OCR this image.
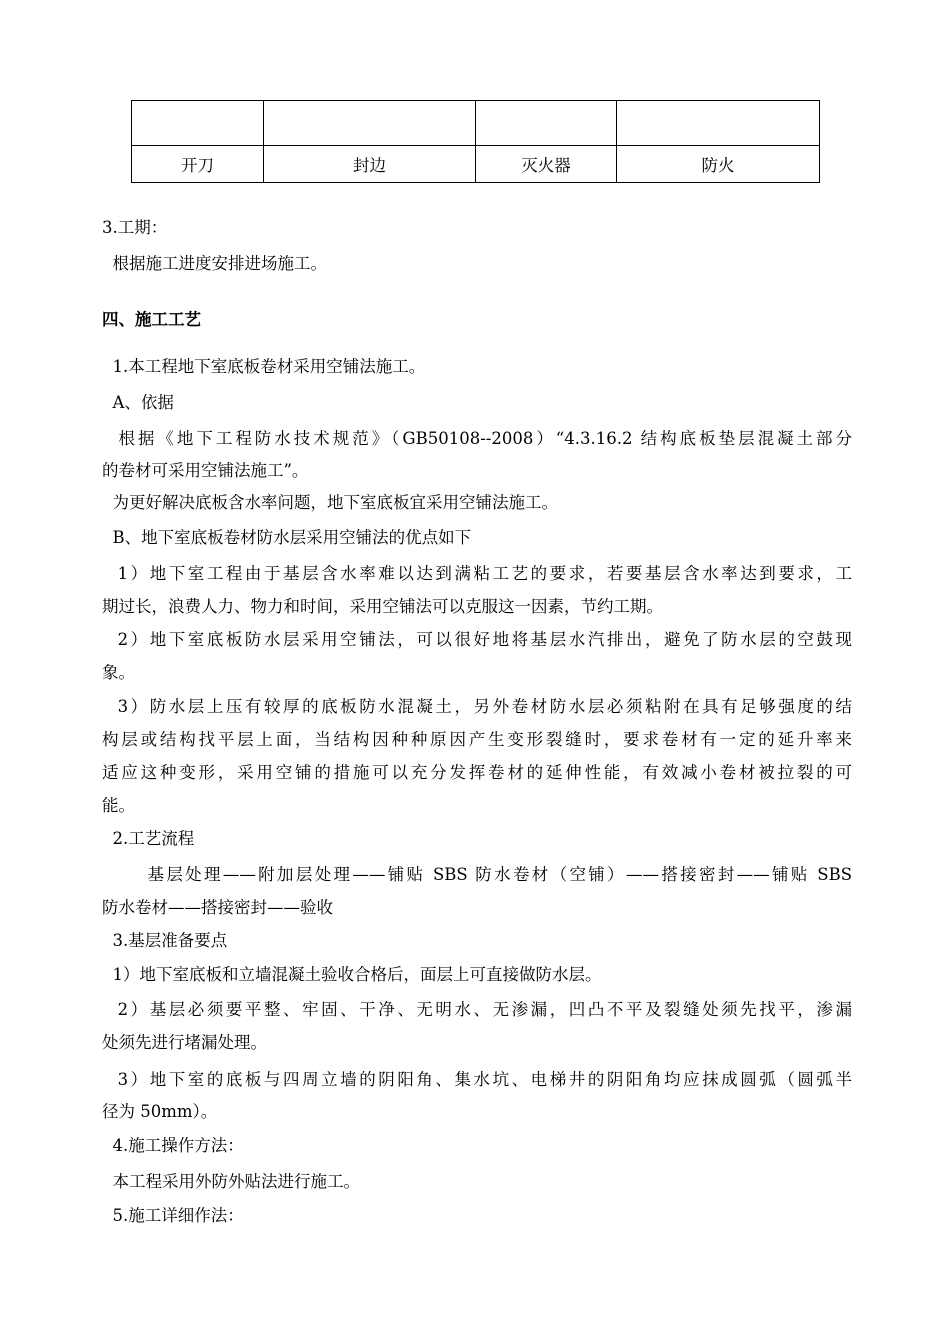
开刀	封边	灭火器	防火
3.工期：
根据施工进度安排进场施工。
四、施工工艺
1.本工程地下室底板卷材采用空铺法施工。
A、依据
根据《地下工程防水技术规范》（GB50108--2008）“4.3.16.2 结构底板垫层混凝土部分
的卷材可采用空铺法施工”。
为更好解决底板含水率问题，地下室底板宜采用空铺法施工。
B、地下室底板卷材防水层采用空铺法的优点如下
1）地下室工程由于基层含水率难以达到满粘工艺的要求，若要基层含水率达到要求，工
期过长，浪费人力、物力和时间，采用空铺法可以克服这一因素，节约工期。
2）地下室底板防水层采用空铺法，可以很好地将基层水汽排出，避免了防水层的空鼓现
象。
3）防水层上压有较厚的底板防水混凝土，另外卷材防水层必须粘附在具有足够强度的结
构层或结构找平层上面，当结构因种种原因产生变形裂缝时，要求卷材有一定的延升率来
适应这种变形，采用空铺的措施可以充分发挥卷材的延伸性能，有效减小卷材被拉裂的可
能。
2.工艺流程
基层处理——附加层处理——铺贴 SBS 防水卷材（空铺）——搭接密封——铺贴 SBS
防水卷材——搭接密封——验收
3.基层准备要点
1）地下室底板和立墙混凝土验收合格后，面层上可直接做防水层。
2）基层必须要平整、牢固、干净、无明水、无渗漏，凹凸不平及裂缝处须先找平，渗漏
处须先进行堵漏处理。
3）地下室的底板与四周立墙的阴阳角、集水坑、电梯井的阴阳角均应抹成圆弧（圆弧半
径为 50mm）。
4.施工操作方法：
本工程采用外防外贴法进行施工。
5.施工详细作法：
